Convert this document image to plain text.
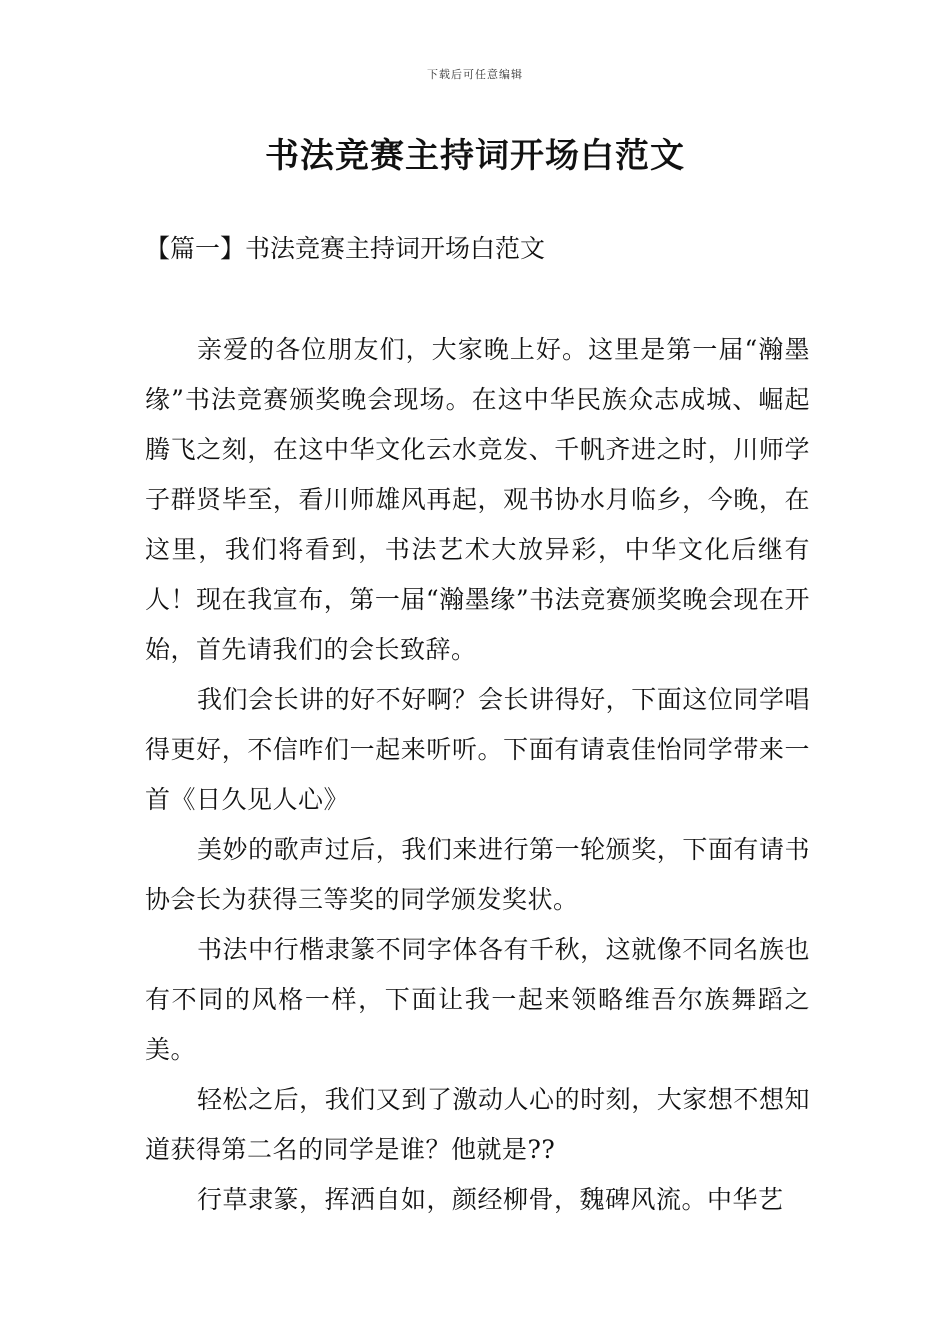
下载后可任意编辑
书法竞赛主持词开场白范文
【篇一】书法竞赛主持词开场白范文

亲爱的各位朋友们，大家晚上好。这里是第一届“瀚墨缘”书法竞赛颁奖晚会现场。在这中华民族众志成城、崛起腾飞之刻，在这中华文化云水竞发、千帆齐进之时，川师学子群贤毕至，看川师雄风再起，观书协水月临乡，今晚，在这里，我们将看到，书法艺术大放异彩，中华文化后继有人！现在我宣布，第一届“瀚墨缘”书法竞赛颁奖晚会现在开始，首先请我们的会长致辞。

我们会长讲的好不好啊？会长讲得好，下面这位同学唱得更好，不信咋们一起来听听。下面有请袁佳怡同学带来一首《日久见人心》

美妙的歌声过后，我们来进行第一轮颁奖，下面有请书协会长为获得三等奖的同学颁发奖状。

书法中行楷隶篆不同字体各有千秋，这就像不同名族也有不同的风格一样，下面让我一起来领略维吾尔族舞蹈之美。

轻松之后，我们又到了激动人心的时刻，大家想不想知道获得第二名的同学是谁？他就是??

行草隶篆，挥洒自如，颜经柳骨，魏碑风流。中华艺
